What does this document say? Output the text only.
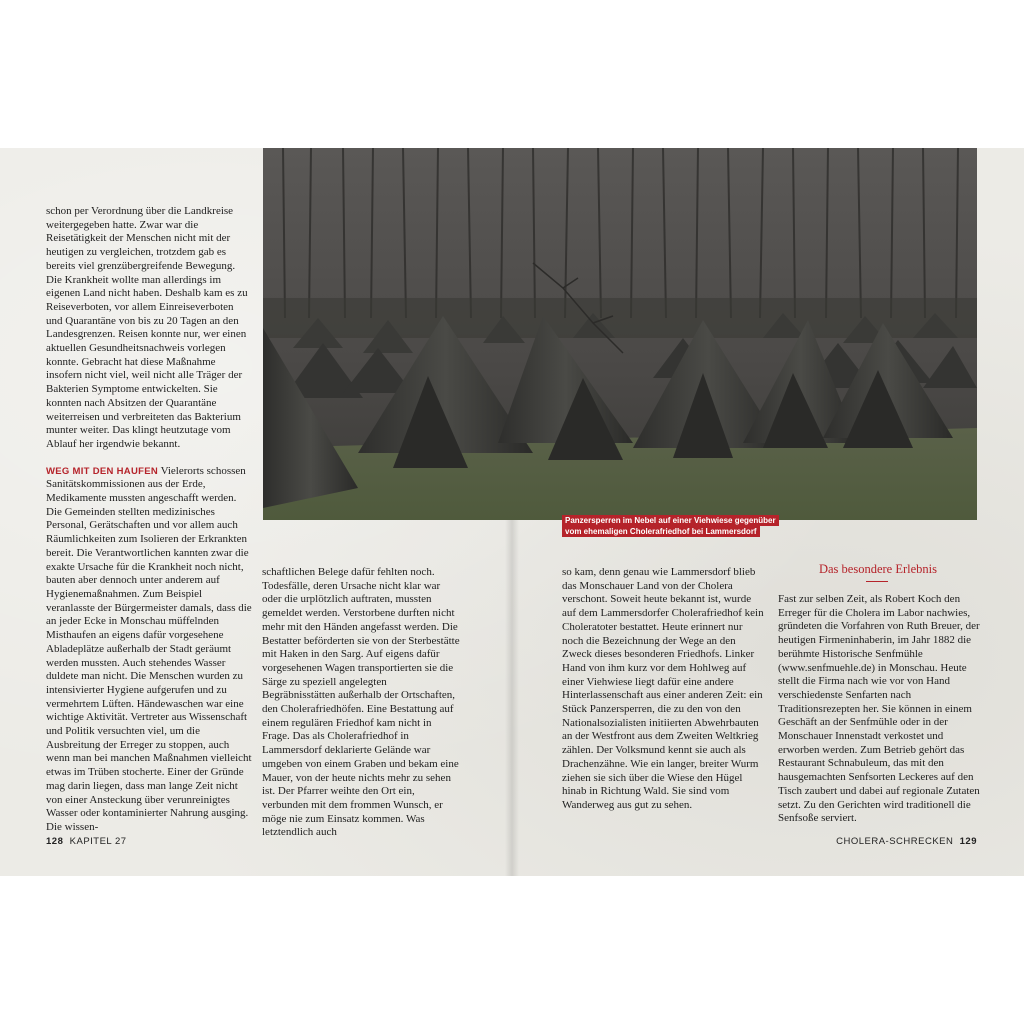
Panzersperren im Nebel auf einer Viehwiese gegenüber
vom ehemaligen Cholerafriedhof bei Lammersdorf

schon per Verordnung über die Landkreise weitergegeben hatte. Zwar war die Reisetätigkeit der Menschen nicht mit der heutigen zu vergleichen, trotzdem gab es bereits viel grenzübergreifende Bewegung. Die Krankheit wollte man allerdings im eigenen Land nicht haben. Deshalb kam es zu Reiseverboten, vor allem Einreiseverboten und Quarantäne von bis zu 20 Tagen an den Landesgrenzen. Reisen konnte nur, wer einen aktuellen Gesundheitsnachweis vorlegen konnte. Gebracht hat diese Maßnahme insofern nicht viel, weil nicht alle Träger der Bakterien Symptome entwickelten. Sie konnten nach Absitzen der Quarantäne weiterreisen und verbreiteten das Bakterium munter weiter. Das klingt heutzutage vom Ablauf her irgendwie bekannt.

WEG MIT DEN HAUFEN Vielerorts schossen Sanitätskommissionen aus der Erde, Medikamente mussten angeschafft werden. Die Gemeinden stellten medizinisches Personal, Gerätschaften und vor allem auch Räumlichkeiten zum Isolieren der Erkrankten bereit. Die Verantwortlichen kannten zwar die exakte Ursache für die Krankheit noch nicht, bauten aber dennoch unter anderem auf Hygienemaßnahmen. Zum Beispiel veranlasste der Bürgermeister damals, dass die an jeder Ecke in Monschau müffelnden Misthaufen an eigens dafür vorgesehene Abladeplätze außerhalb der Stadt geräumt werden mussten. Auch stehendes Wasser duldete man nicht. Die Menschen wurden zu intensivierter Hygiene aufgerufen und zu vermehrtem Lüften. Händewaschen war eine wichtige Aktivität. Vertreter aus Wissenschaft und Politik versuchten viel, um die Ausbreitung der Erreger zu stoppen, auch wenn man bei manchen Maßnahmen vielleicht etwas im Trüben stocherte. Einer der Gründe mag darin liegen, dass man lange Zeit nicht von einer Ansteckung über verunreinigtes Wasser oder kontaminierter Nahrung ausging. Die wissen-

schaftlichen Belege dafür fehlten noch. Todesfälle, deren Ursache nicht klar war oder die urplötzlich auftraten, mussten gemeldet werden. Verstorbene durften nicht mehr mit den Händen angefasst werden. Die Bestatter beförderten sie von der Sterbestätte mit Haken in den Sarg. Auf eigens dafür vorgesehenen Wagen transportierten sie die Särge zu speziell angelegten Begräbnisstätten außerhalb der Ortschaften, den Cholerafriedhöfen. Eine Bestattung auf einem regulären Friedhof kam nicht in Frage. Das als Cholerafriedhof in Lammersdorf deklarierte Gelände war umgeben von einem Graben und bekam eine Mauer, von der heute nichts mehr zu sehen ist. Der Pfarrer weihte den Ort ein, verbunden mit dem frommen Wunsch, er möge nie zum Einsatz kommen. Was letztendlich auch

so kam, denn genau wie Lammersdorf blieb das Monschauer Land von der Cholera verschont. Soweit heute bekannt ist, wurde auf dem Lammersdorfer Cholerafriedhof kein Choleratoter bestattet. Heute erinnert nur noch die Bezeichnung der Wege an den Zweck dieses besonderen Friedhofs. Linker Hand von ihm kurz vor dem Hohlweg auf einer Viehwiese liegt dafür eine andere Hinterlassenschaft aus einer anderen Zeit: ein Stück Panzersperren, die zu den von den Nationalsozialisten initiierten Abwehrbauten an der Westfront aus dem Zweiten Weltkrieg zählen. Der Volksmund kennt sie auch als Drachenzähne. Wie ein langer, breiter Wurm ziehen sie sich über die Wiese den Hügel hinab in Richtung Wald. Sie sind vom Wanderweg aus gut zu sehen.

Das besondere Erlebnis

Fast zur selben Zeit, als Robert Koch den Erreger für die Cholera im Labor nachwies, gründeten die Vorfahren von Ruth Breuer, der heutigen Firmeninhaberin, im Jahr 1882 die berühmte Historische Senfmühle (www.senfmuehle.de) in Monschau. Heute stellt die Firma nach wie vor von Hand verschiedenste Senfarten nach Traditionsrezepten her. Sie können in einem Geschäft an der Senfmühle oder in der Monschauer Innenstadt verkostet und erworben werden. Zum Betrieb gehört das Restaurant Schnabuleum, das mit den hausgemachten Senfsorten Leckeres auf den Tisch zaubert und dabei auf regionale Zutaten setzt. Zu den Gerichten wird traditionell die Senfsoße serviert.

128 KAPITEL 27	CHOLERA-SCHRECKEN 129
